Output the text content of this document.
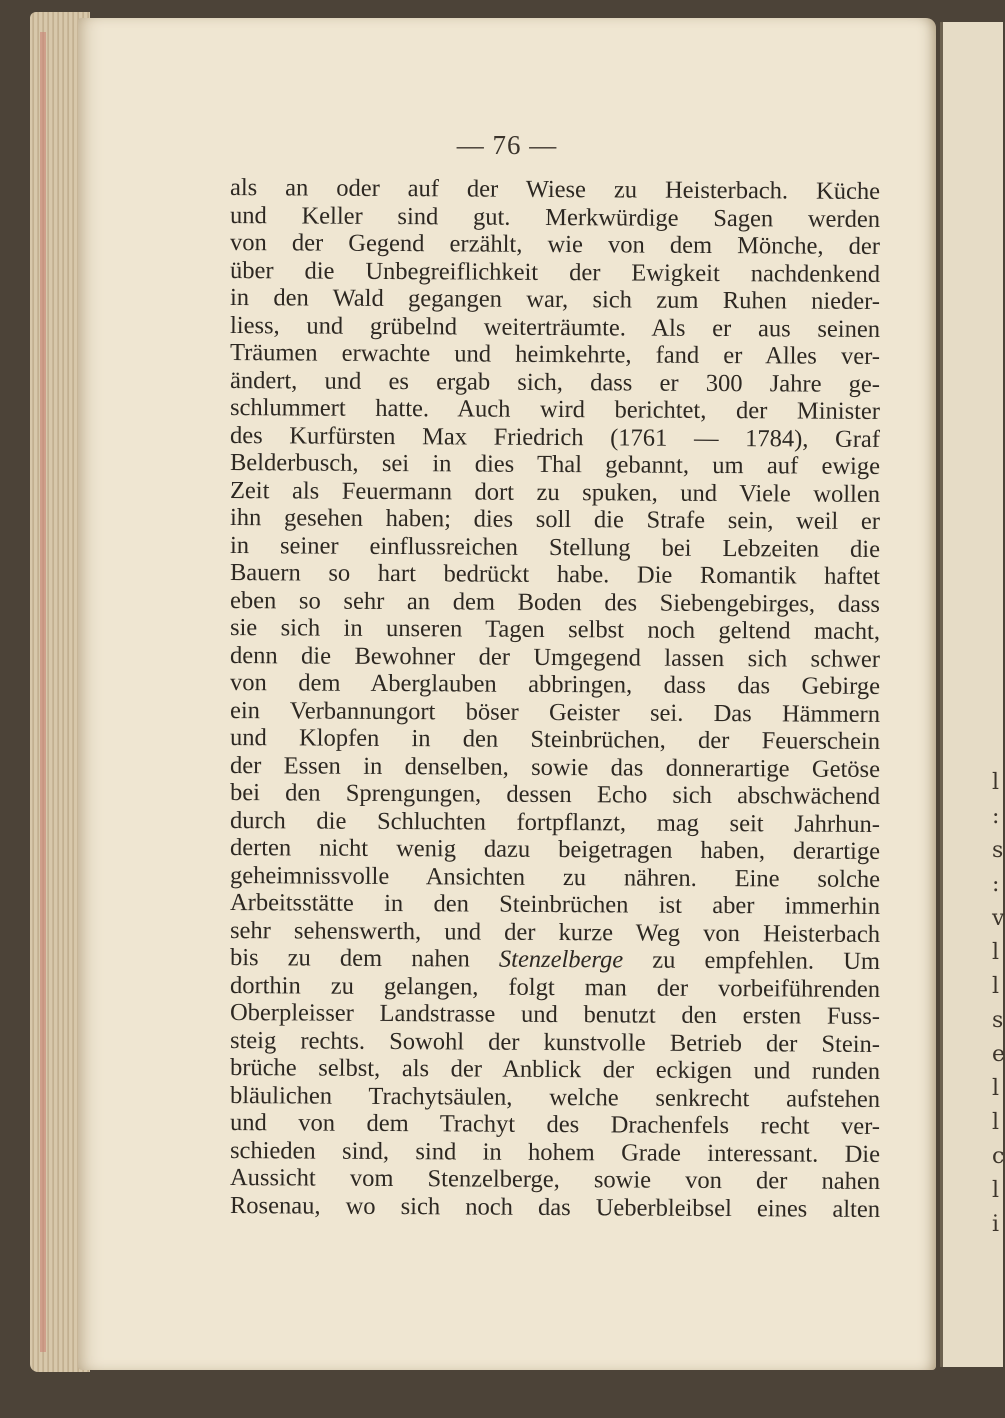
— 76 —
als an oder auf der Wiese zu Heisterbach. Küche
und Keller sind gut. Merkwürdige Sagen werden
von der Gegend erzählt, wie von dem Mönche, der
über die Unbegreiflichkeit der Ewigkeit nachdenkend
in den Wald gegangen war, sich zum Ruhen nieder-
liess, und grübelnd weiterträumte. Als er aus seinen
Träumen erwachte und heimkehrte, fand er Alles ver-
ändert, und es ergab sich, dass er 300 Jahre ge-
schlummert hatte. Auch wird berichtet, der Minister
des Kurfürsten Max Friedrich (1761 — 1784), Graf
Belderbusch, sei in dies Thal gebannt, um auf ewige
Zeit als Feuermann dort zu spuken, und Viele wollen
ihn gesehen haben; dies soll die Strafe sein, weil er
in seiner einflussreichen Stellung bei Lebzeiten die
Bauern so hart bedrückt habe. Die Romantik haftet
eben so sehr an dem Boden des Siebengebirges, dass
sie sich in unseren Tagen selbst noch geltend macht,
denn die Bewohner der Umgegend lassen sich schwer
von dem Aberglauben abbringen, dass das Gebirge
ein Verbannungort böser Geister sei. Das Hämmern
und Klopfen in den Steinbrüchen, der Feuerschein
der Essen in denselben, sowie das donnerartige Getöse
bei den Sprengungen, dessen Echo sich abschwächend
durch die Schluchten fortpflanzt, mag seit Jahrhun-
derten nicht wenig dazu beigetragen haben, derartige
geheimnissvolle Ansichten zu nähren. Eine solche
Arbeitsstätte in den Steinbrüchen ist aber immerhin
sehr sehenswerth, und der kurze Weg von Heisterbach
bis zu dem nahen Stenzelberge zu empfehlen. Um
dorthin zu gelangen, folgt man der vorbeiführenden
Oberpleisser Landstrasse und benutzt den ersten Fuss-
steig rechts. Sowohl der kunstvolle Betrieb der Stein-
brüche selbst, als der Anblick der eckigen und runden
bläulichen Trachytsäulen, welche senkrecht aufstehen
und von dem Trachyt des Drachenfels recht ver-
schieden sind, sind in hohem Grade interessant. Die
Aussicht vom Stenzelberge, sowie von der nahen
Rosenau, wo sich noch das Ueberbleibsel eines alten
l
:
s
:
v
l
l
s
e
l
l
c
l
i
